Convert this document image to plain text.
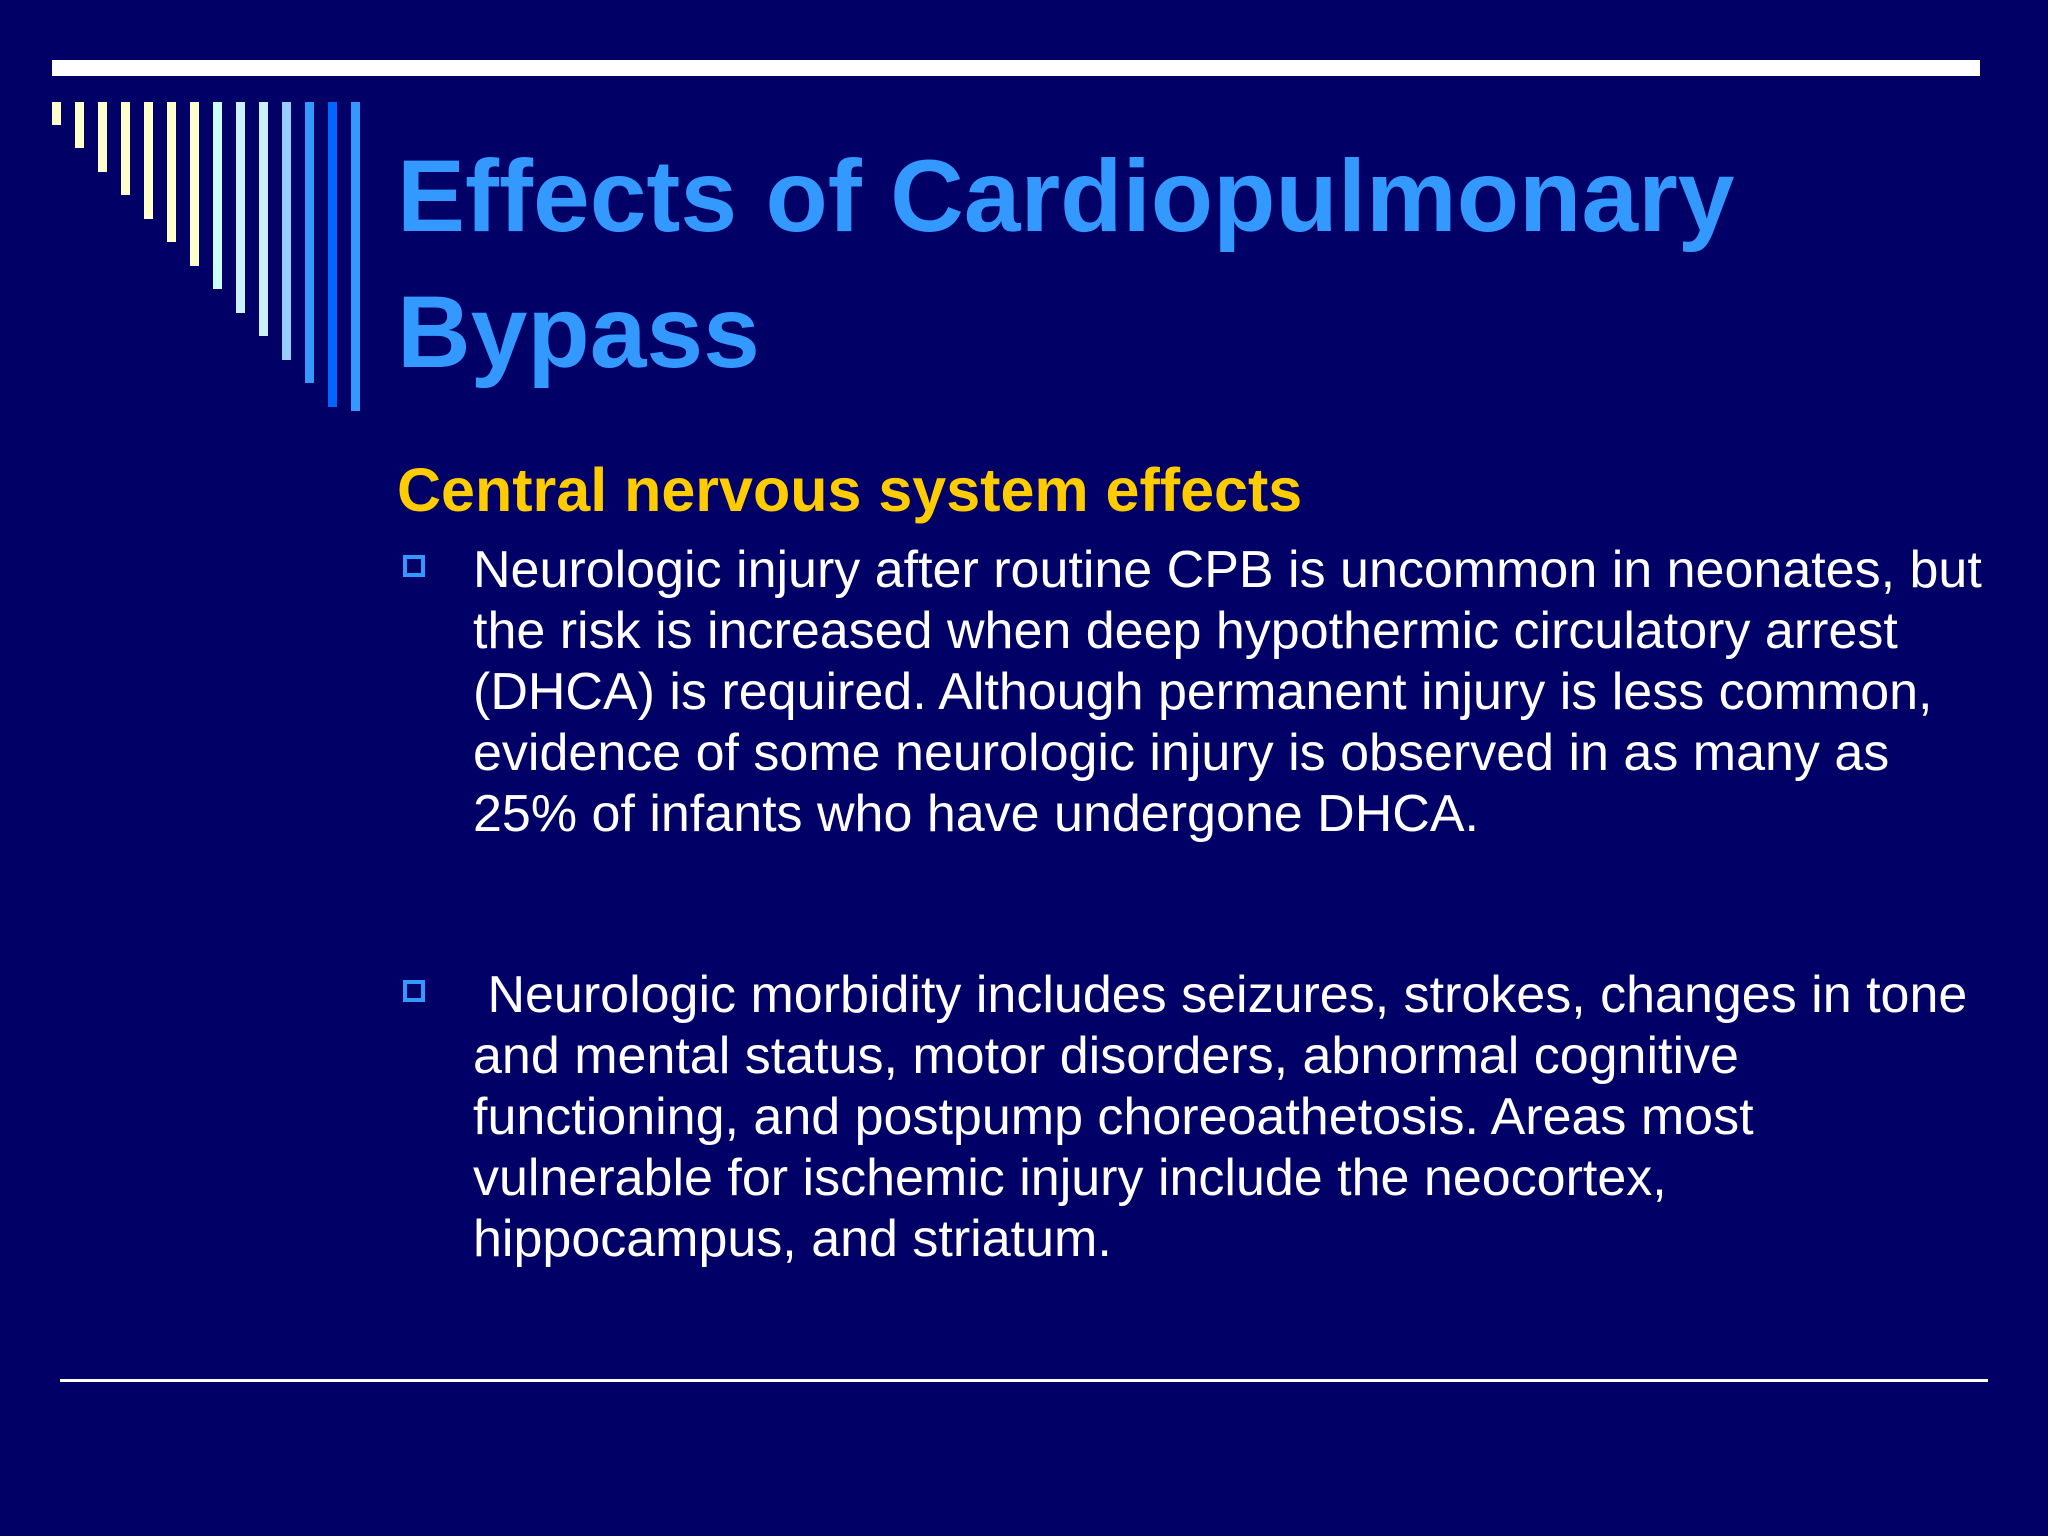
Effects of Cardiopulmonary Bypass
Central nervous system effects
Neurologic injury after routine CPB is uncommon in neonates, but the risk is increased when deep hypothermic circulatory arrest (DHCA) is required. Although permanent injury is less common, evidence of some neurologic injury is observed in as many as 25% of infants who have undergone DHCA.
Neurologic morbidity includes seizures, strokes, changes in tone and mental status, motor disorders, abnormal cognitive functioning, and postpump choreoathetosis. Areas most vulnerable for ischemic injury include the neocortex, hippocampus, and striatum.
